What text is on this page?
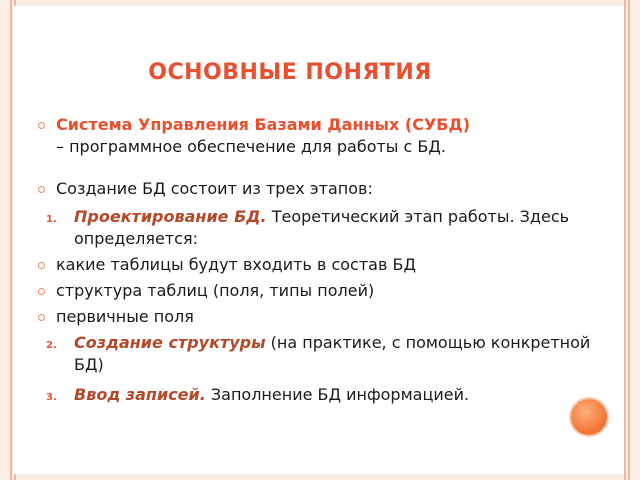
ОСНОВНЫЕ ПОНЯТИЯ
Система Управления Базами Данных (СУБД)
– программное обеспечение для работы с БД.
Создание БД состоит из трех этапов:
1. Проектирование БД. Теоретический этап работы. Здесь определяется:
какие таблицы будут входить в состав БД
структура таблиц (поля, типы полей)
первичные поля
2. Создание структуры (на практике, с помощью конкретной БД)
3. Ввод записей. Заполнение БД информацией.
